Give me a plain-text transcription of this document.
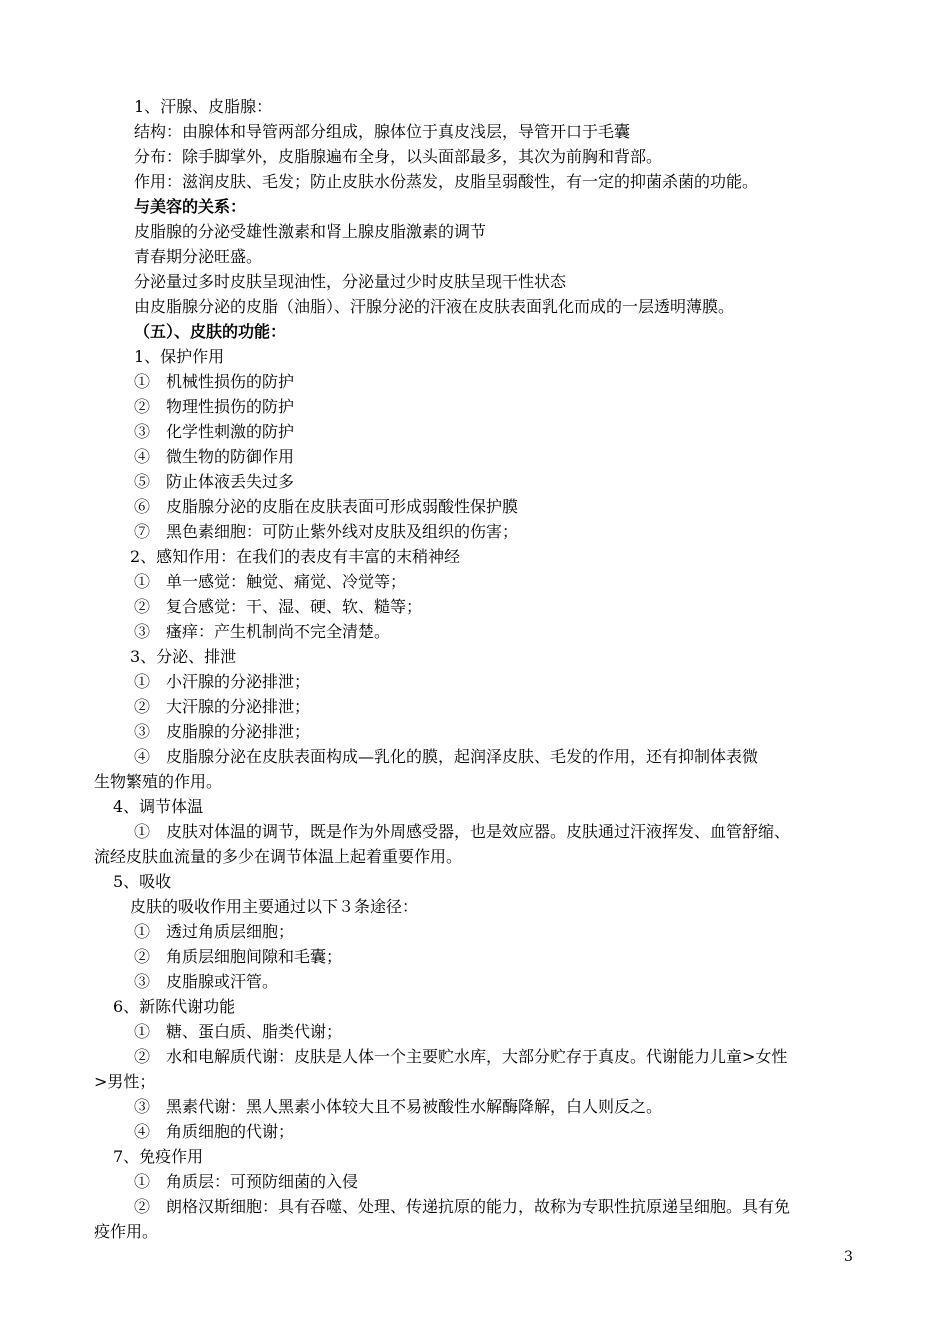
1、汗腺、皮脂腺：
结构：由腺体和导管两部分组成，腺体位于真皮浅层，导管开口于毛囊
分布：除手脚掌外，皮脂腺遍布全身，以头面部最多，其次为前胸和背部。
作用：滋润皮肤、毛发；防止皮肤水份蒸发，皮脂呈弱酸性，有一定的抑菌杀菌的功能。
与美容的关系：
皮脂腺的分泌受雄性激素和肾上腺皮脂激素的调节
青春期分泌旺盛。
分泌量过多时皮肤呈现油性，分泌量过少时皮肤呈现干性状态
由皮脂腺分泌的皮脂（油脂）、汗腺分泌的汗液在皮肤表面乳化而成的一层透明薄膜。
（五）、皮肤的功能：
1、保护作用
①　机械性损伤的防护
②　物理性损伤的防护
③　化学性刺激的防护
④　微生物的防御作用
⑤　防止体液丢失过多
⑥　皮脂腺分泌的皮脂在皮肤表面可形成弱酸性保护膜
⑦　黑色素细胞：可防止紫外线对皮肤及组织的伤害；
2、感知作用：在我们的表皮有丰富的末稍神经
①　单一感觉：触觉、痛觉、冷觉等；
②　复合感觉：干、湿、硬、软、糙等；
③　瘙痒：产生机制尚不完全清楚。
3、分泌、排泄
①　小汗腺的分泌排泄；
②　大汗腺的分泌排泄；
③　皮脂腺的分泌排泄；
④　皮脂腺分泌在皮肤表面构成—乳化的膜，起润泽皮肤、毛发的作用，还有抑制体表微
生物繁殖的作用。
4、调节体温
①　皮肤对体温的调节，既是作为外周感受器，也是效应器。皮肤通过汗液挥发、血管舒缩、
流经皮肤血流量的多少在调节体温上起着重要作用。
5、吸收
皮肤的吸收作用主要通过以下３条途径：
①　透过角质层细胞；
②　角质层细胞间隙和毛囊；
③　皮脂腺或汗管。
6、新陈代谢功能
①　糖、蛋白质、脂类代谢；
②　水和电解质代谢：皮肤是人体一个主要贮水库，大部分贮存于真皮。代谢能力儿童>女性
>男性；
③　黑素代谢：黑人黑素小体较大且不易被酸性水解酶降解，白人则反之。
④　角质细胞的代谢；
7、免疫作用
①　角质层：可预防细菌的入侵
②　朗格汉斯细胞：具有吞噬、处理、传递抗原的能力，故称为专职性抗原递呈细胞。具有免
疫作用。
3
